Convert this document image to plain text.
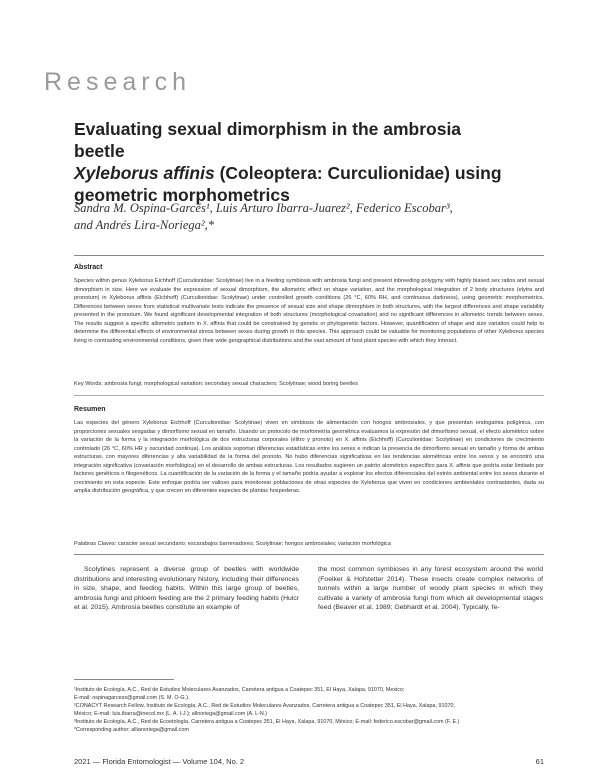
Research
Evaluating sexual dimorphism in the ambrosia beetle
Xyleborus affinis (Coleoptera: Curculionidae) using
geometric morphometrics
Sandra M. Ospina-Garcés¹, Luis Arturo Ibarra-Juarez², Federico Escobar³,
and Andrés Lira-Noriega²,*
Abstract
Species within genus Xyleborus Eichhoff (Curculionidae: Scolytinae) live in a feeding symbiosis with ambrosia fungi and present inbreeding polygyny with highly biased sex ratios and sexual dimorphism in size. Here we evaluate the expression of sexual dimorphism, the allometric effect on shape variation, and the morphological integration of 2 body structures (elytra and pronotum) in Xyleborus affinis (Eichhoff) (Curculionidae: Scolytinae) under controlled growth conditions (26 °C, 60% RH, and continuous darkness), using geometric morphometrics. Differences between sexes from statistical multivariate tests indicate the presence of sexual size and shape dimorphism in both structures, with the largest differences and shape variability presented in the pronotum. We found significant developmental integration of both structures (morphological covariation) and no significant differences in allometric trends between sexes. The results suggest a specific allometric pattern in X. affinis that could be constrained by genetic or phylogenetic factors. However, quantification of shape and size variation could help to determine the differential effects of environmental stress between sexes during growth in this species. This approach could be valuable for monitoring populations of other Xyleborus species living in contrasting environmental conditions, given their wide geographical distributions and the vast amount of host plant species with which they interact.
Key Words: ambrosia fungi; morphological variation; secondary sexual characters; Scolytinae; wood boring beetles
Resumen
Las especies del género Xyleborus Eichhoff (Curculionidae: Scolytinae) viven en simbiosis de alimentación con hongos ambrosiales, y que presentan endogamia poligínica, con proporciones sexuales sesgadas y dimorfismo sexual en tamaño. Usando un protocolo de morfometría geométrica evaluamos la expresión del dimorfismo sexual, el efecto alométrico sobre la variación de la forma y la integración morfológica de dos estructuras corporales (élitro y pronoto) en X. affinis (Eichhoff) (Curculionidae: Scolytinae) en condiciones de crecimiento controlado (26 °C, 60% HR y oscuridad continua). Los análisis soportan diferencias estadísticas entre los sexes e indican la presencia de dimorfismo sexual en tamaño y forma de ambas estructuras, con mayores diferencias y alta variabilidad de la forma del pronoto. No hubo diferencias significativas en las tendencias alométricas entre los sexos y se encontró una integración significativa (covariación morfológica) en el desarrollo de ambas estructuras. Los resultados sugieren un patrón alométrico específico para X. affinis que podría estar limitado por factores genéticos o filogenéticos. La cuantificación de la variación de la forma y el tamaño podría ayudar a explorar los efectos diferenciales del estrés ambiental entre los sexos durante el crecimiento en esta especie. Este enfoque podría ser valioso para monitorear poblaciones de otras especies de Xyleborus que viven en condiciones ambientales contrastantes, dada su amplia distribución geográfica, y que crecen en diferentes especies de plantas hospederas.
Palabras Claves: caracter sexual secundario; escarabajos barrenadores; Scolytinae; hongos ambrosiales; variación morfológica
Scolytines represent a diverse group of beetles with worldwide distributions and interesting evolutionary history, including their differences in size, shape, and feeding habits. Within this large group of beetles, ambrosia fungi and phloem feeding are the 2 primary feeding habits (Hulcr et al. 2015). Ambrosia beetles constitute an example of
the most common symbioses in any forest ecosystem around the world (Foelker & Hofstetter 2014). These insects create complex networks of tunnels within a large number of woody plant species in which they cultivate a variety of ambrosia fungi from which all developmental stages feed (Beaver et al. 1989; Gebhardt et al. 2004). Typically, fe-
¹Instituto de Ecología, A.C., Red de Estudios Moleculares Avanzados, Carretera antigua a Coatepec 351, El Haya, Xalapa, 91070, Mexico;
E-mail: ospinagarcess@gmail.com (S. M. O-G.).
²CONACYT Research Fellow, Instituto de Ecología, A.C., Red de Estudios Moleculares Avanzados, Carretera antigua a Coatepec 351, El Haya, Xalapa, 91070,
México; E-mail: luis.ibarra@inecol.mx (L. A. I-J.); allnoriega@gmail.com (A. L-N.)
³Instituto de Ecología, A.C., Red de Ecoetología, Carretera antigua a Coatepec 351, El Haya, Xalapa, 91070, México; E-mail: federico.escobar@gmail.com (F. E.)
*Corresponding author; allianoriega@gmail.com
2021 — Florida Entomologist — Volume 104, No. 2	61
